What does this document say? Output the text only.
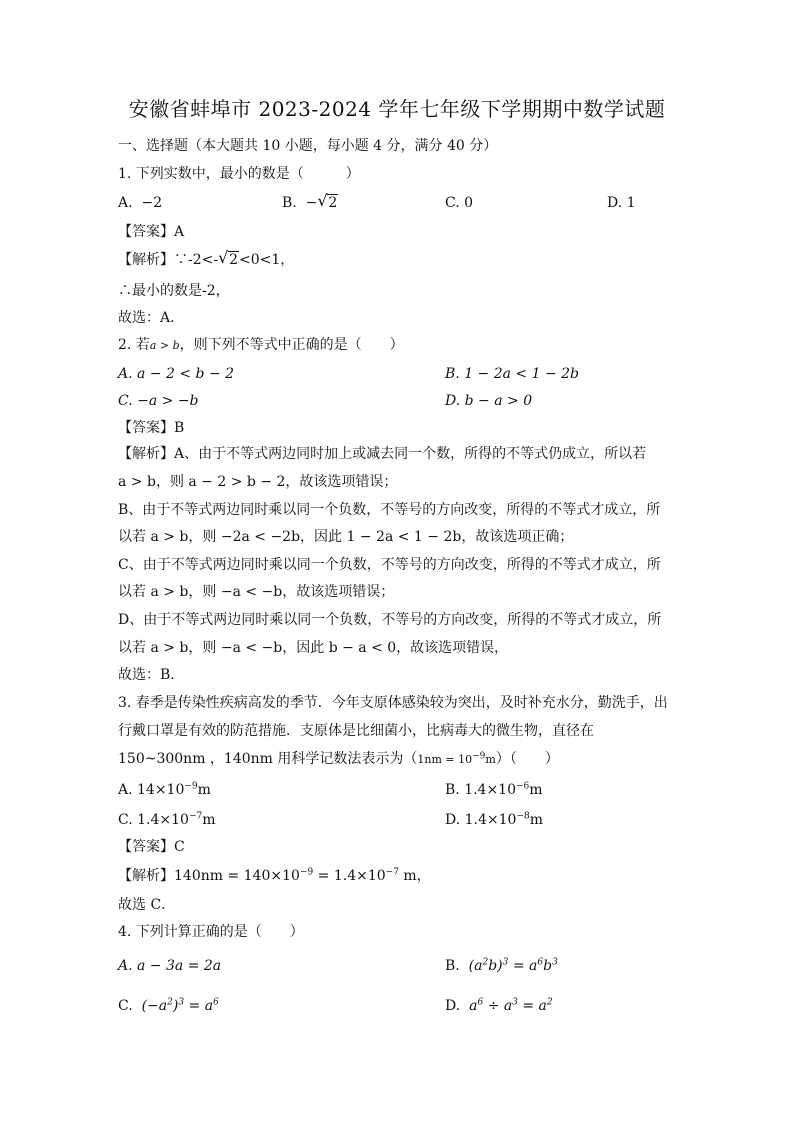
安徽省蚌埠市 2023-2024 学年七年级下学期期中数学试题
一、选择题（本大题共 10 小题，每小题 4 分，满分 40 分）
1. 下列实数中，最小的数是（　　　）
A. −2	B. − √ 2	C. 0	D. 1
【答案】A
【解析】∵-2<- √ 2<0<1，
∴最小的数是-2，
故选：A．
2. 若a > b，则下列不等式中正确的是（　　）
A. a − 2 < b − 2	B. 1 − 2a < 1 − 2b
C. −a > −b	D. b − a > 0
【答案】B
【解析】A、由于不等式两边同时加上或减去同一个数，所得的不等式仍成立，所以若
a > b，则 a − 2 > b − 2，故该选项错误；
B、由于不等式两边同时乘以同一个负数，不等号的方向改变，所得的不等式才成立，所
以若 a > b，则 −2a < −2b，因此 1 − 2a < 1 − 2b，故该选项正确；
C、由于不等式两边同时乘以同一个负数，不等号的方向改变，所得的不等式才成立，所
以若 a > b，则 −a < −b，故该选项错误；
D、由于不等式两边同时乘以同一个负数，不等号的方向改变，所得的不等式才成立，所
以若 a > b，则 −a < −b，因此 b − a < 0，故该选项错误，
故选：B．
3. 春季是传染性疾病高发的季节．今年支原体感染较为突出，及时补充水分，勤洗手，出
行戴口罩是有效的防范措施．支原体是比细菌小，比病毒大的微生物，直径在
150~300nm ，140nm 用科学记数法表示为$(1nm = 10^{-9}m)$（　　）
A. $14\times 10^{-9}m$	B. $1.4\times 10^{-6}m$
C. $1.4\times 10^{-7}m$	D. $1.4\times 10^{-8}m$
【答案】C
【解析】$140nm = 140\times 10^{-9} = 1.4\times 10^{-7}$ m，
故选 C．
4. 下列计算正确的是（　　）
A. a − 3a = 2a	B. $(a^2b)^3 = a^6b^3$
C. $(-a^2)^3 = a^6$	D. $a^6 \div a^3 = a^2$
